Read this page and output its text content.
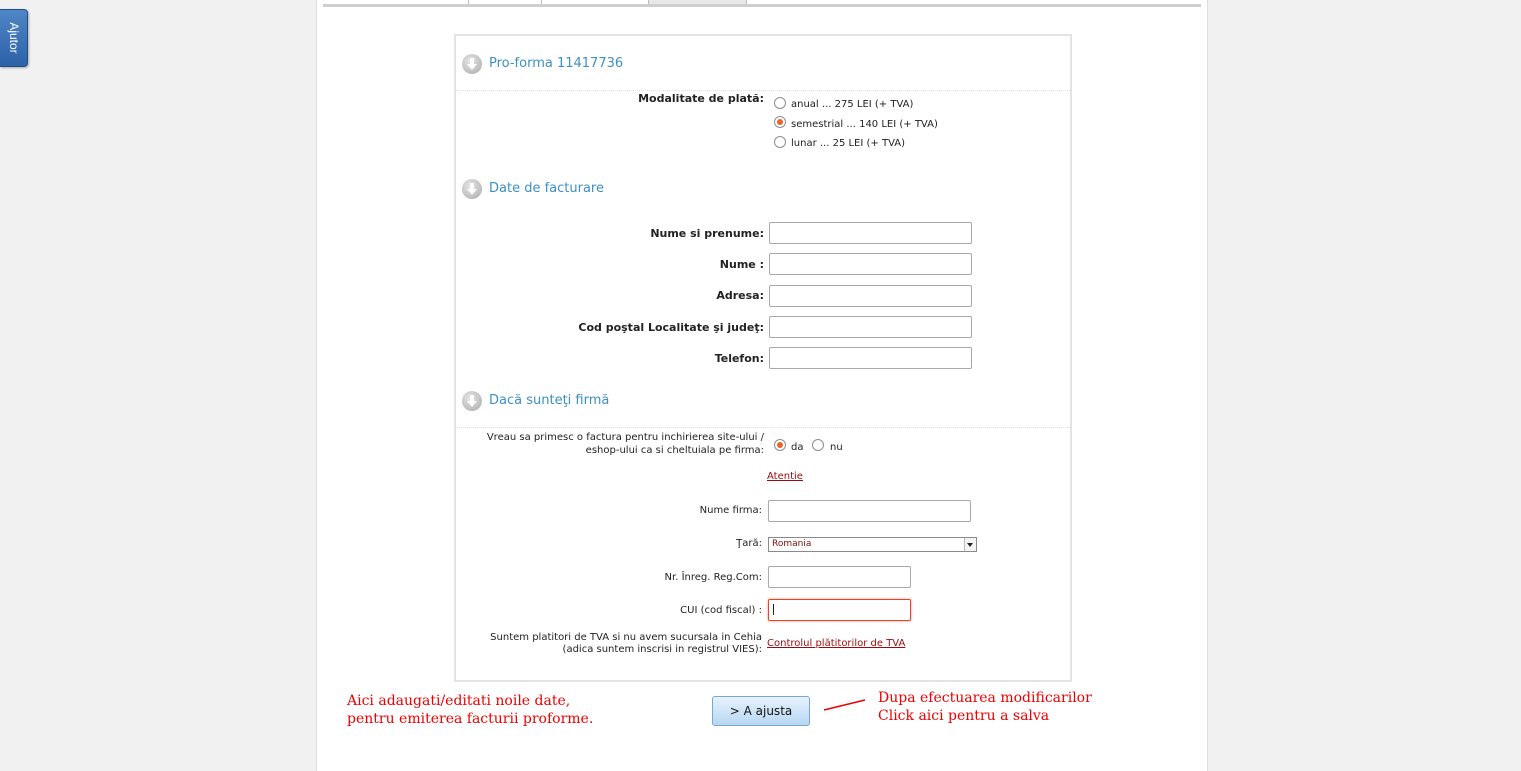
Ajutor
Pro-forma 11417736
Modalitate de plată:	anual ... 275 LEI (+ TVA)
semestrial ... 140 LEI (+ TVA)
lunar ... 25 LEI (+ TVA)
Date de facturare
Nume si prenume:
Nume :
Adresa:
Cod poştal Localitate şi judeţ:
Telefon:
Dacă sunteţi firmă
Vreau sa primesc o factura pentru inchirierea site-ului /
eshop-ului ca si cheltuiala pe firma:	da	nu
Atentie
Nume firma:
Ţară:	Romania
Nr. Înreg. Reg.Com:
CUI (cod fiscal) :
Suntem platitori de TVA si nu avem sucursala in Cehia
(adica suntem inscrisi in registrul VIES):
Controlul plătitorilor de TVA
Aici adaugati/editati noile date,
pentru emiterea facturii proforme.	> A ajusta
Dupa efectuarea modificarilor
Click aici pentru a salva
